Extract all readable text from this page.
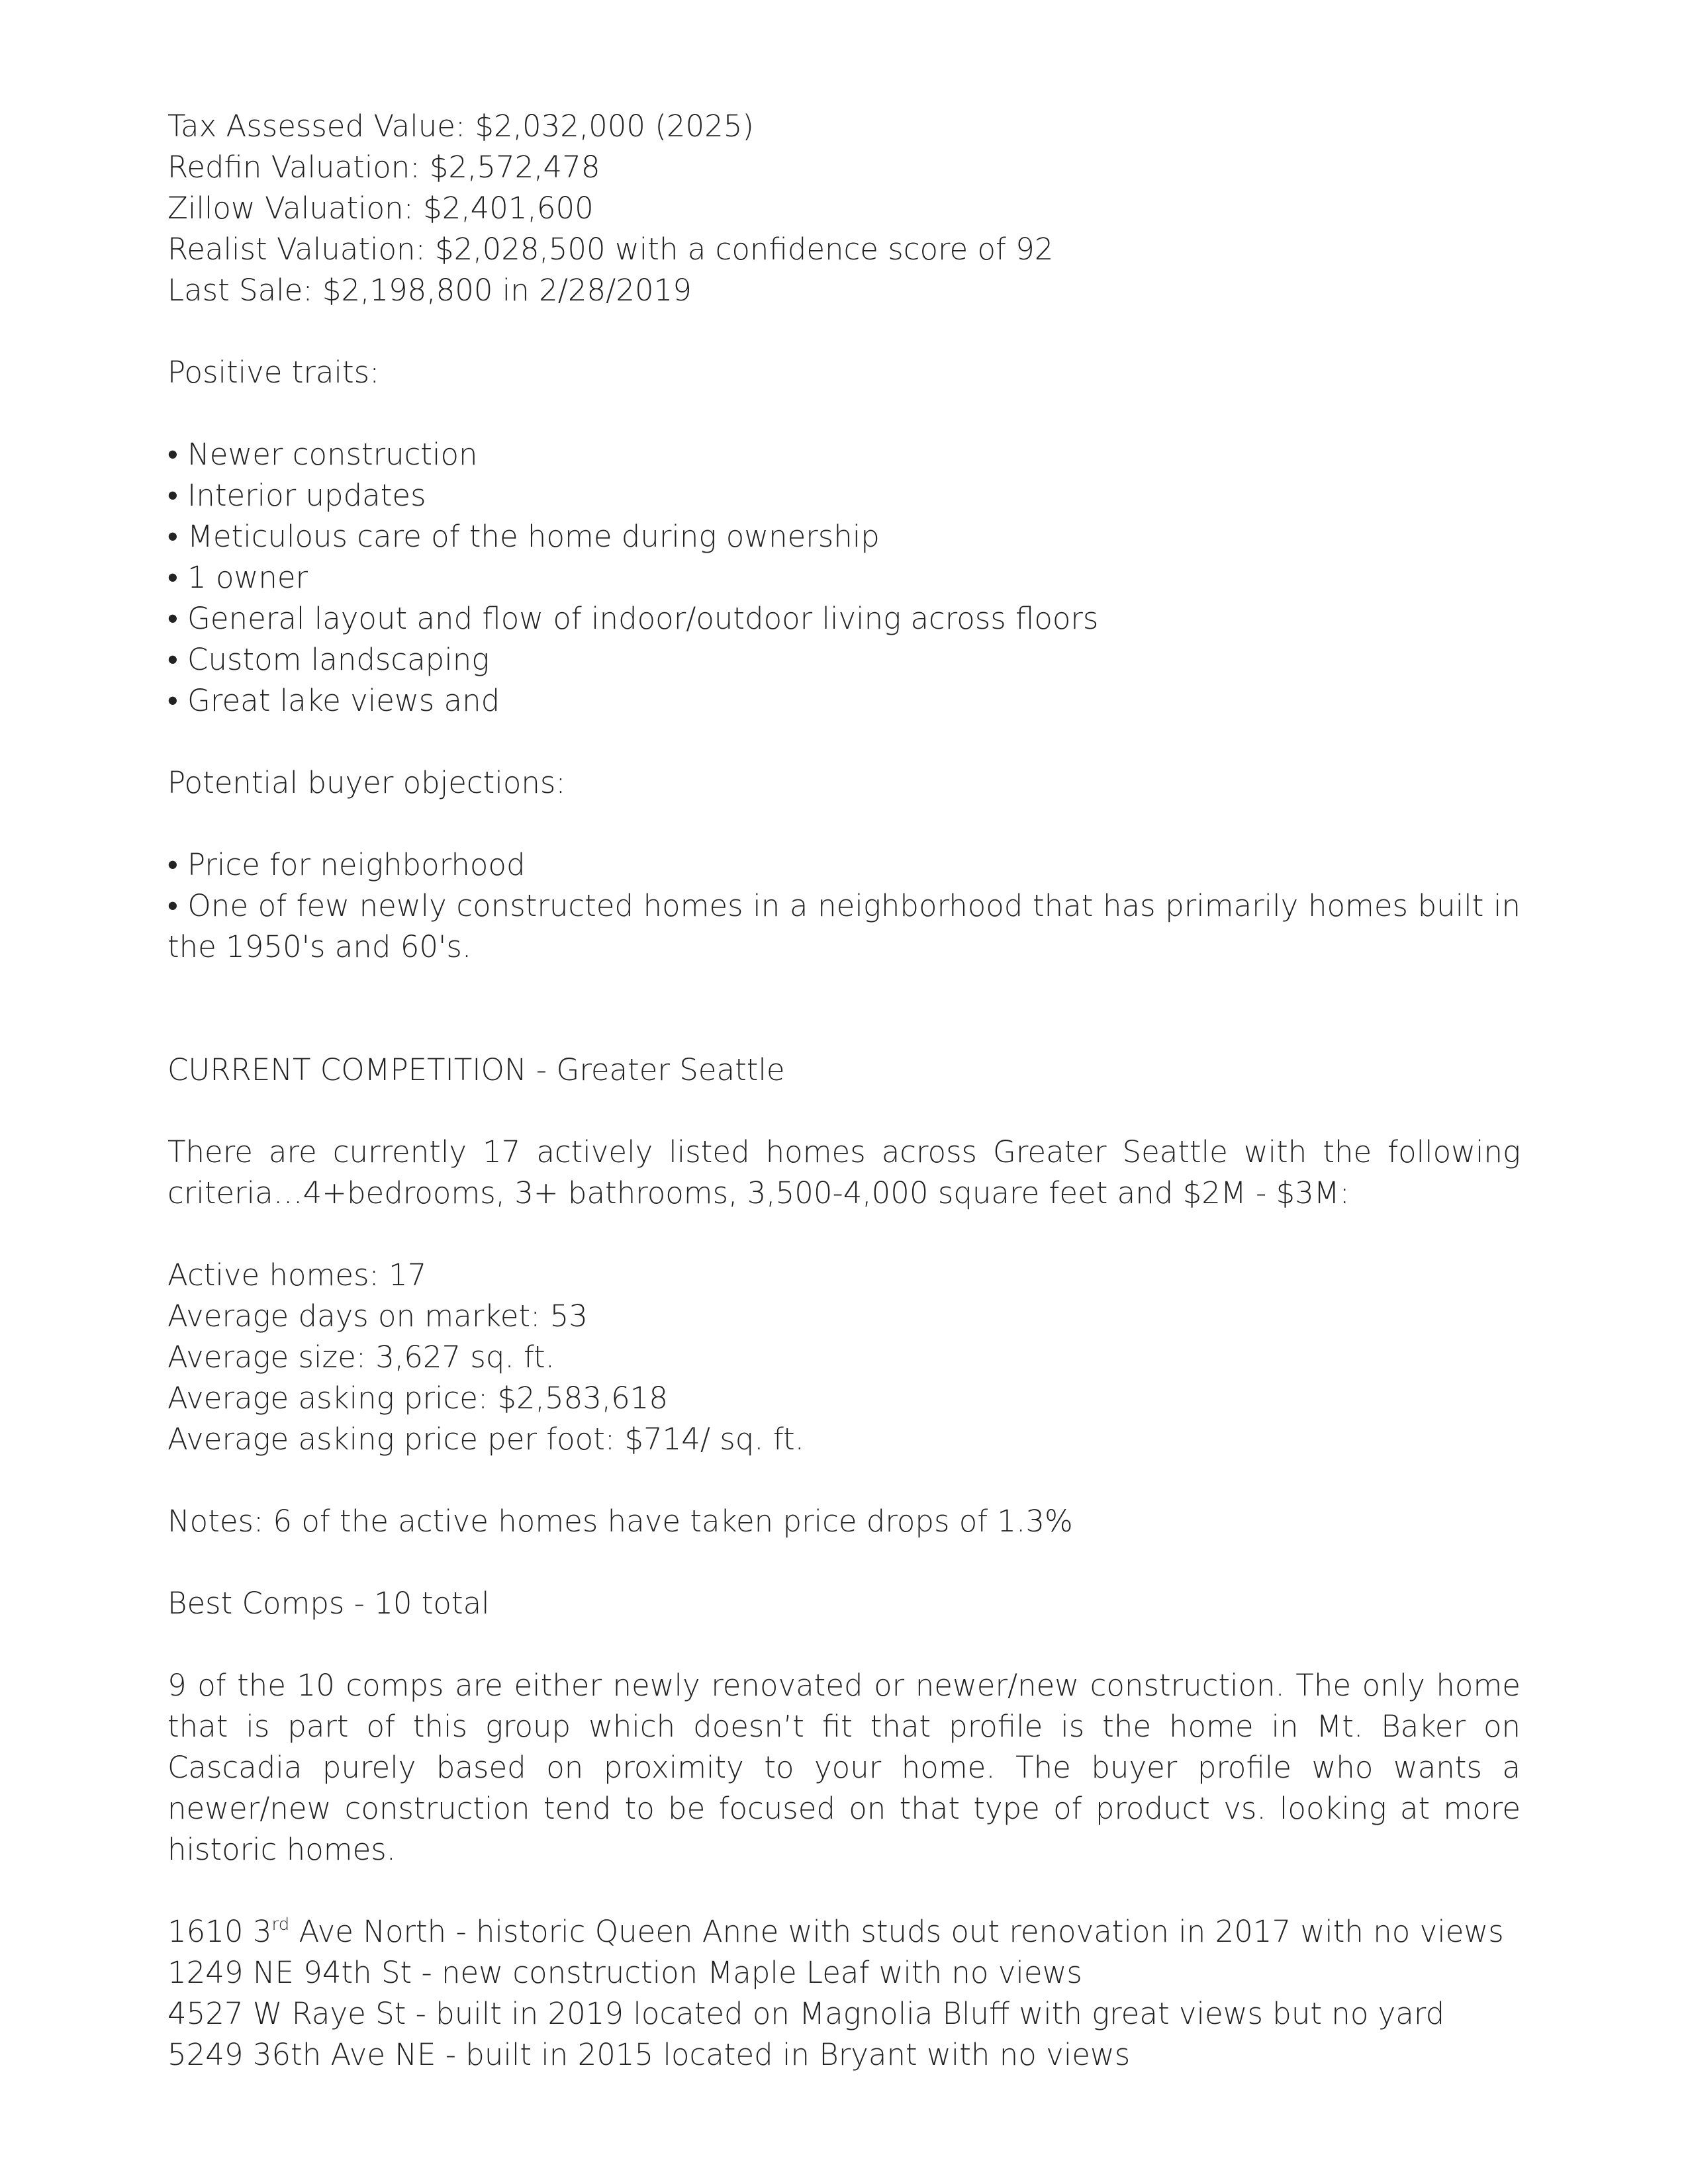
Tax Assessed Value: $2,032,000 (2025)
Redfin Valuation: $2,572,478
Zillow Valuation: $2,401,600
Realist Valuation: $2,028,500 with a confidence score of 92
Last Sale: $2,198,800 in 2/28/2019
Positive traits:
• Newer construction
• Interior updates
• Meticulous care of the home during ownership
• 1 owner
• General layout and flow of indoor/outdoor living across floors
• Custom landscaping
• Great lake views and
Potential buyer objections:
• Price for neighborhood
• One of few newly constructed homes in a neighborhood that has primarily homes built in the 1950's and 60's.
CURRENT COMPETITION - Greater Seattle
There are currently 17 actively listed homes across Greater Seattle with the following criteria…4+bedrooms, 3+ bathrooms, 3,500-4,000 square feet and $2M - $3M:
Active homes: 17
Average days on market: 53
Average size: 3,627 sq. ft.
Average asking price: $2,583,618
Average asking price per foot: $714/ sq. ft.
Notes: 6 of the active homes have taken price drops of 1.3%
Best Comps - 10 total
9 of the 10 comps are either newly renovated or newer/new construction. The only home that is part of this group which doesn’t fit that profile is the home in Mt. Baker on Cascadia purely based on proximity to your home. The buyer profile who wants a newer/new construction tend to be focused on that type of product vs. looking at more historic homes.
1610 3rd Ave North - historic Queen Anne with studs out renovation in 2017 with no views
1249 NE 94th St - new construction Maple Leaf with no views
4527 W Raye St - built in 2019 located on Magnolia Bluff with great views but no yard
5249 36th Ave NE - built in 2015 located in Bryant with no views
